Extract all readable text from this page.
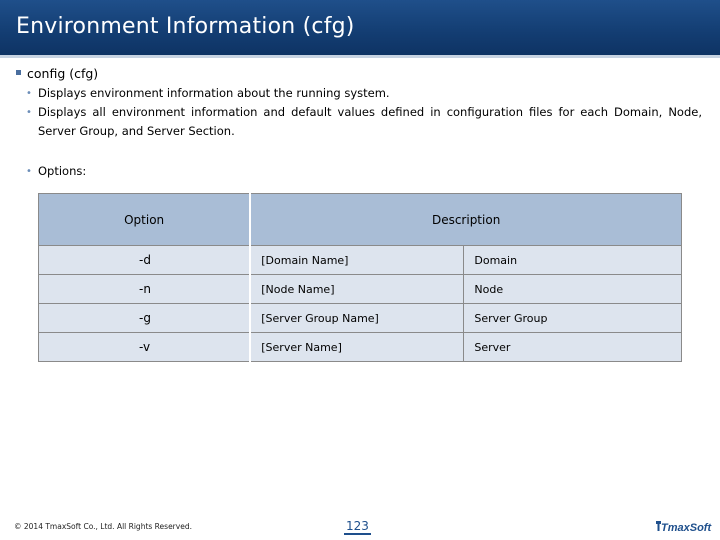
Environment Information (cfg)
config (cfg)
• Displays environment information about the running system.
• Displays all environment information and default values defined in configuration files for each Domain, Node, Server Group, and Server Section.
• Options:
Option	Description	
-d	[Domain Name]	Domain
-n	[Node Name]	Node
-g	[Server Group Name]	Server Group
-v	[Server Name]	Server
© 2014 TmaxSoft Co., Ltd. All Rights Reserved.	123	TmaxSoft
